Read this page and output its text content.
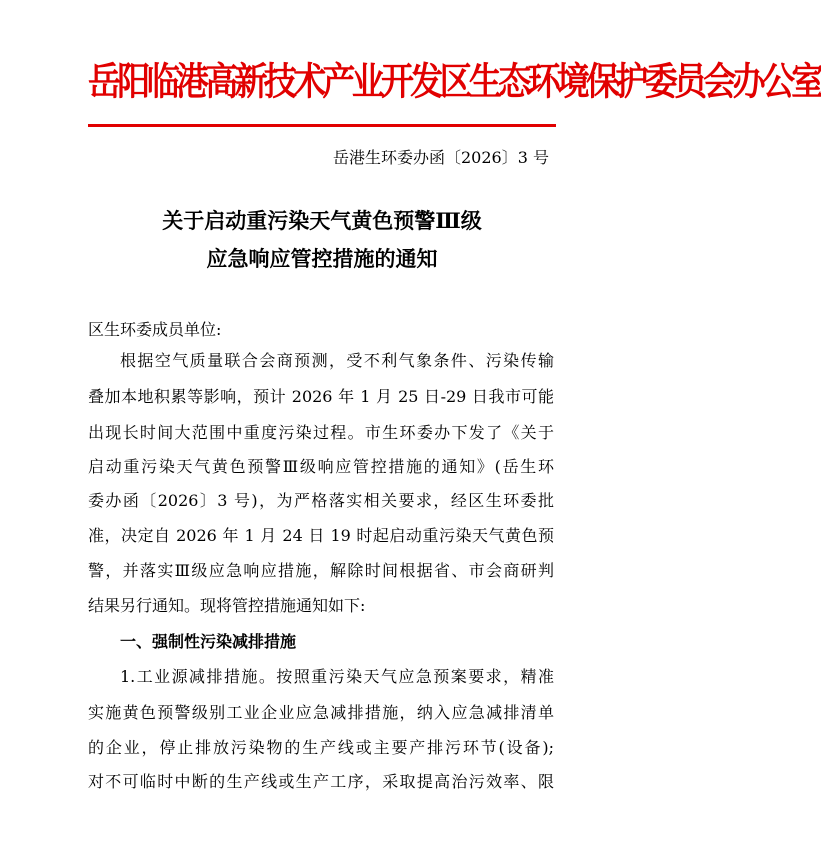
岳阳临港高新技术产业开发区生态环境保护委员会办公室
岳港生环委办函〔2026〕3 号
关于启动重污染天气黄色预警Ⅲ级
应急响应管控措施的通知
区生环委成员单位:
根据空气质量联合会商预测，受不利气象条件、污染传输
叠加本地积累等影响，预计 2026 年 1 月 25 日-29 日我市可能
出现长时间大范围中重度污染过程。市生环委办下发了《关于
启动重污染天气黄色预警Ⅲ级响应管控措施的通知》(岳生环
委办函〔2026〕3 号)，为严格落实相关要求，经区生环委批
准，决定自 2026 年 1 月 24 日 19 时起启动重污染天气黄色预
警，并落实Ⅲ级应急响应措施，解除时间根据省、市会商研判
结果另行通知。现将管控措施通知如下:
一、强制性污染减排措施
1.工业源减排措施。按照重污染天气应急预案要求，精准
实施黄色预警级别工业企业应急减排措施，纳入应急减排清单
的企业，停止排放污染物的生产线或主要产排污环节(设备);
对不可临时中断的生产线或生产工序，采取提高治污效率、限
